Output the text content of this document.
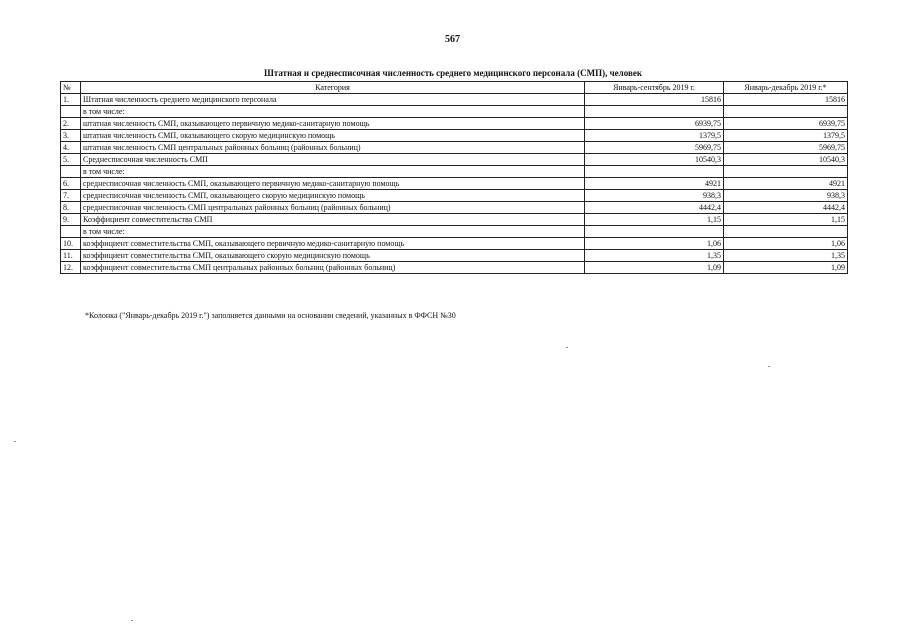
567
Штатная и среднесписочная численность среднего медицинского персонала (СМП), человек
№	Категория	Январь-сентябрь 2019 г.	Январь-декабрь 2019 г.*
1.	Штатная численность среднего медицинского персонала	15816	15816
	в том числе:		
2.	штатная численность СМП, оказывающего первичную медико-санитарную помощь	6939,75	6939,75
3.	штатная численность СМП, оказывающего скорую медицинскую помощь	1379,5	1379,5
4.	штатная численность СМП центральных районных больниц (районных больниц)	5969,75	5969,75
5.	Среднесписочная численность СМП	10540,3	10540,3
	в том числе:		
6.	среднесписочная численность СМП, оказывающего первичную медико-санитарную помощь	4921	4921
7.	среднесписочная численность СМП, оказывающего скорую медицинскую помощь	938,3	938,3
8.	среднесписочная численность СМП центральных районных больниц (районных больниц)	4442,4	4442,4
9.	Коэффициент совместительства СМП	1,15	1,15
	в том числе:		
10.	коэффициент совместительства СМП, оказывающего первичную медико-санитарную помощь	1,06	1,06
11.	коэффициент совместительства СМП, оказывающего скорую медицинскую помощь	1,35	1,35
12.	коэффициент совместительства СМП центральных районных больниц (районных больниц)	1,09	1,09
*Колонка ("Январь-декабрь 2019 г.") заполняется данными на основании сведений, указанных в ФФСН №30
